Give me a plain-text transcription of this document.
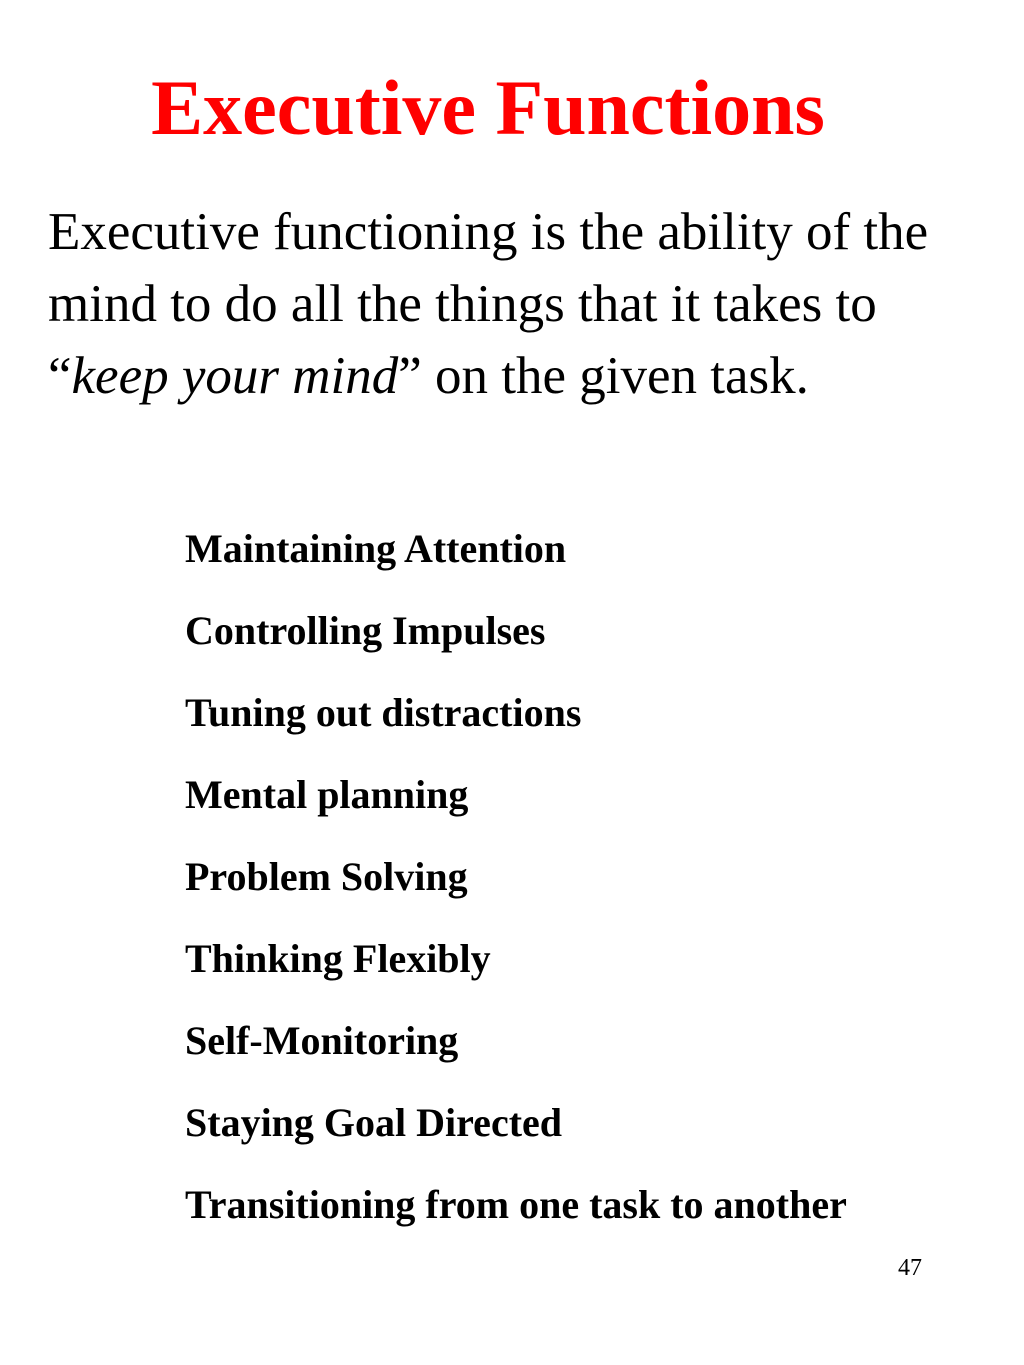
Executive Functions

Executive functioning is the ability of the mind to do all the things that it takes to “keep your mind” on the given task.

Maintaining Attention
Controlling Impulses
Tuning out distractions
Mental planning
Problem Solving
Thinking Flexibly
Self-Monitoring
Staying Goal Directed
Transitioning from one task to another
47
